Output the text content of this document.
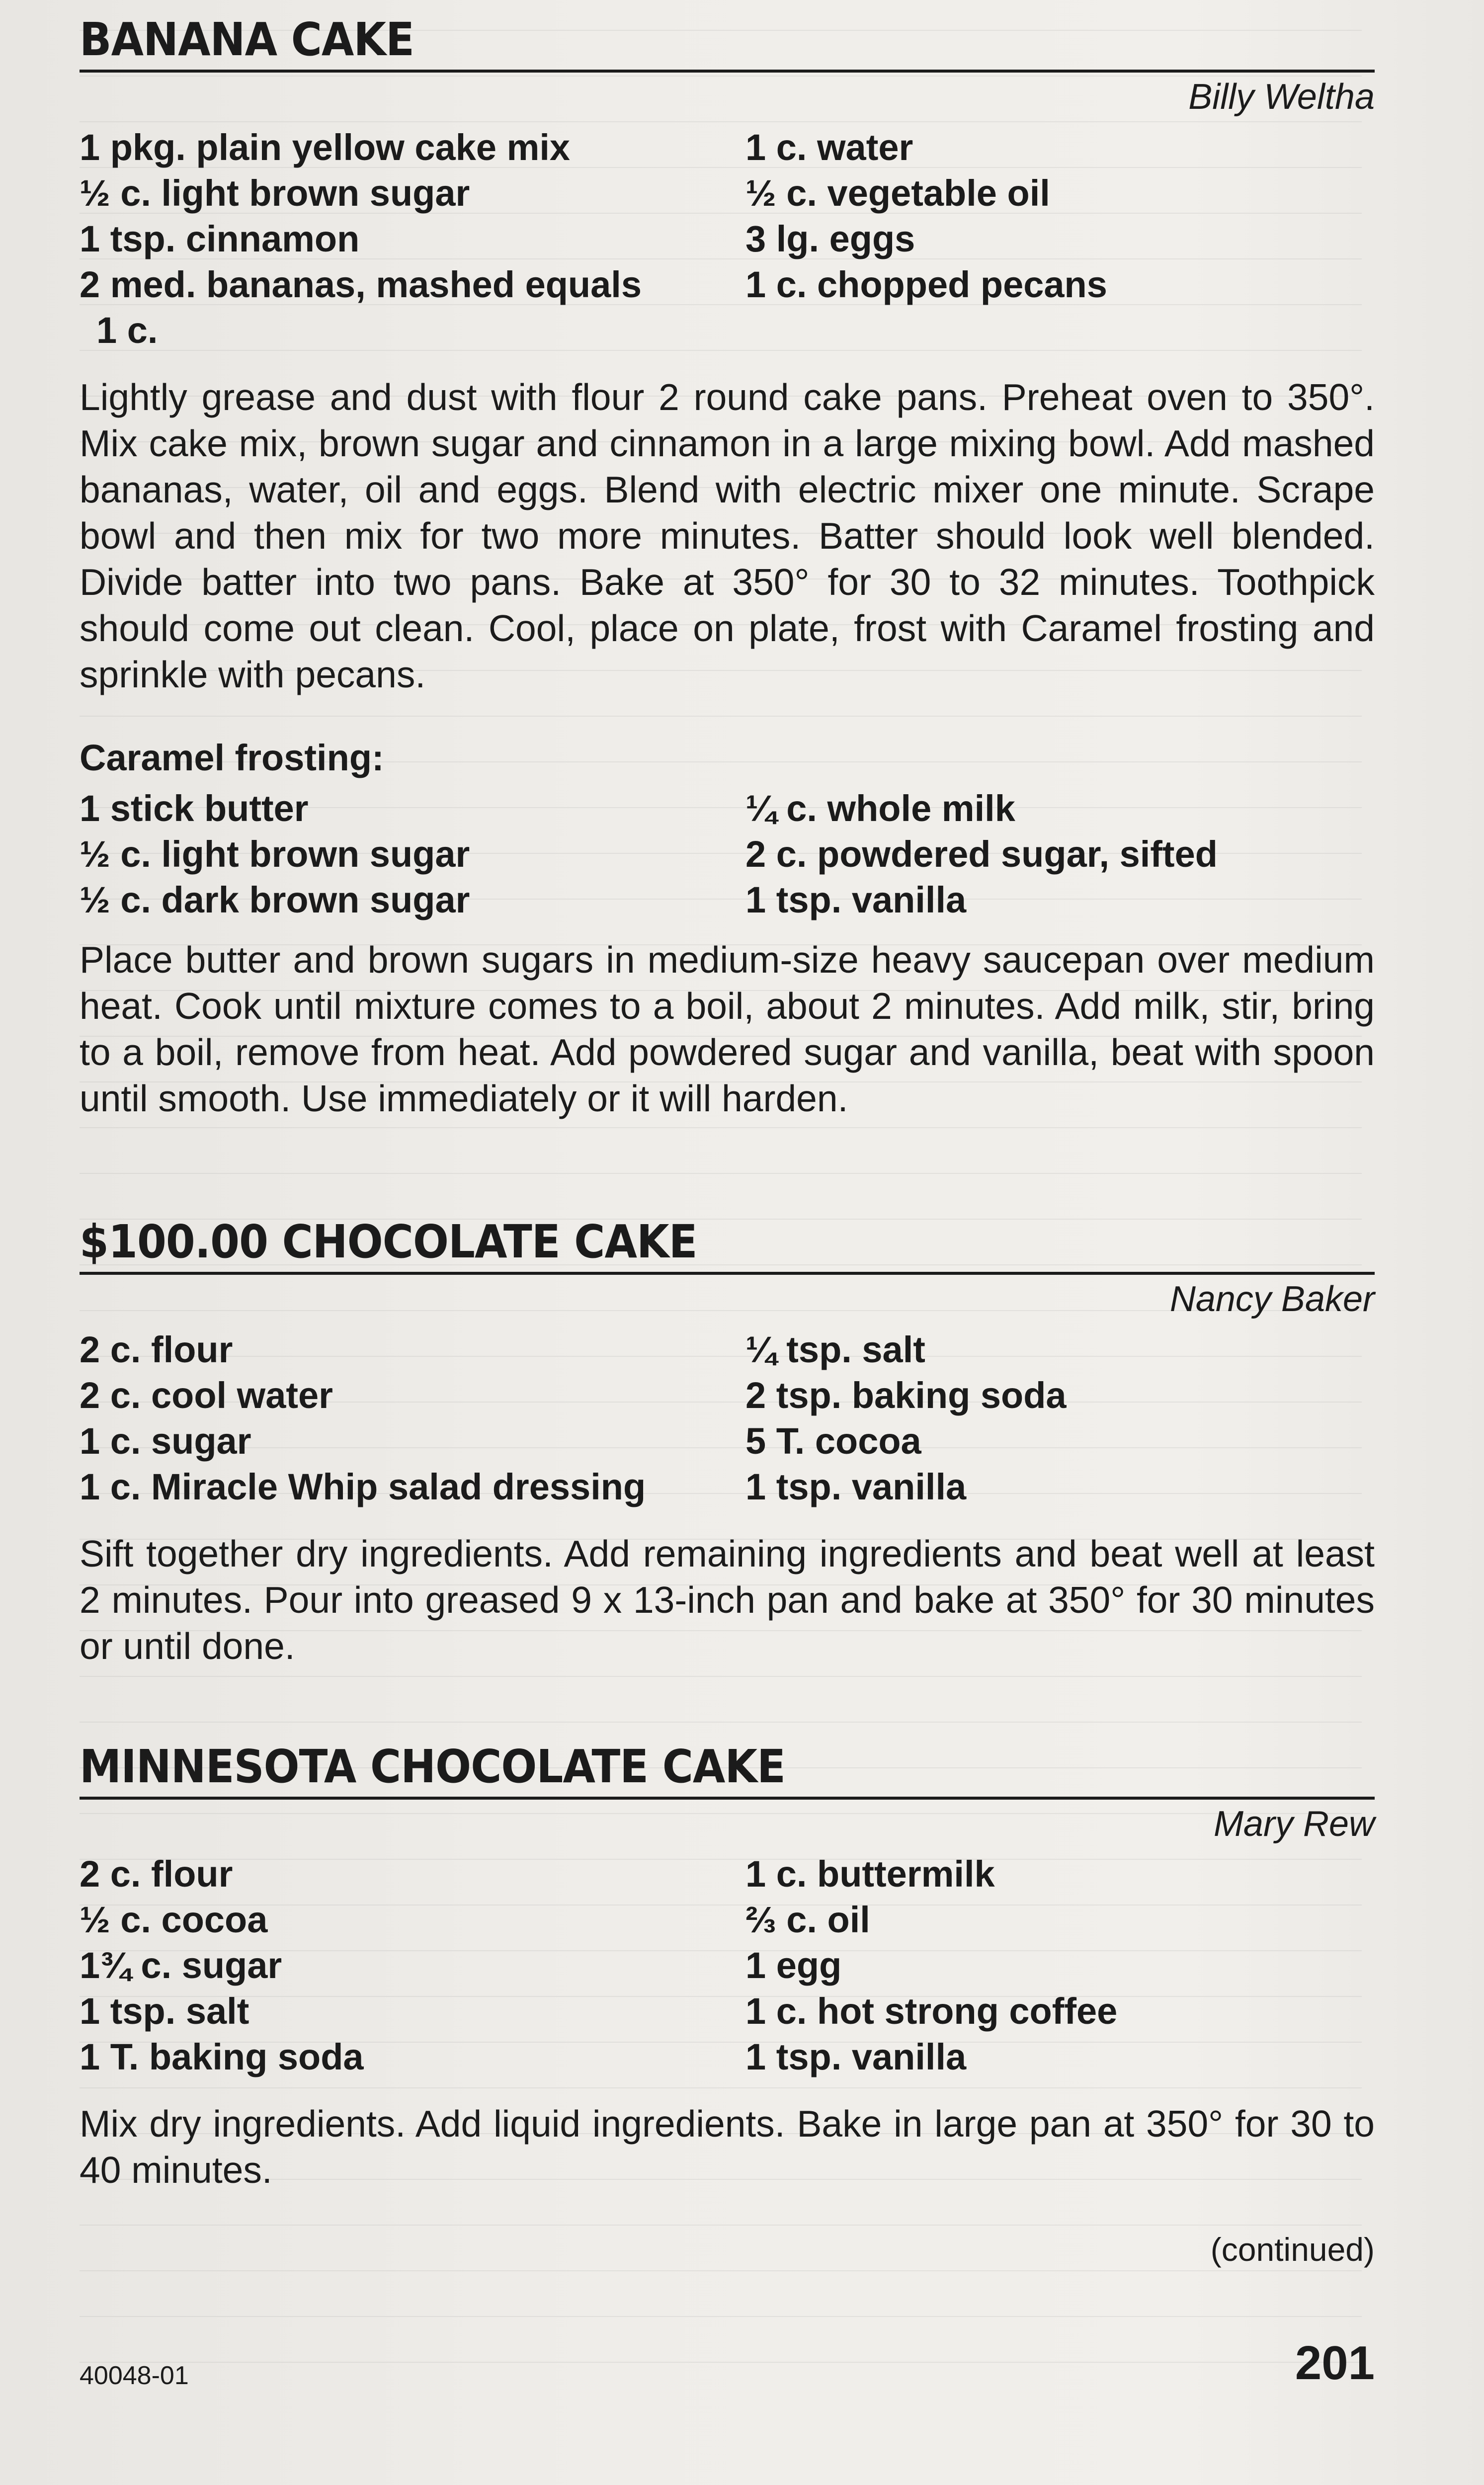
BANANA CAKE
Billy Weltha
1 pkg. plain yellow cake mix
½ c. light brown sugar
1 tsp. cinnamon
2 med. bananas, mashed equals
1 c.
1 c. water
½ c. vegetable oil
3 lg. eggs
1 c. chopped pecans

Lightly grease and dust with flour 2 round cake pans. Preheat oven to 350°. Mix cake mix, brown sugar and cinnamon in a large mixing bowl. Add mashed bananas, water, oil and eggs. Blend with electric mixer one minute. Scrape bowl and then mix for two more minutes. Batter should look well blended. Divide batter into two pans. Bake at 350° for 30 to 32 minutes. Toothpick should come out clean. Cool, place on plate, frost with Caramel frosting and sprinkle with pecans.

Caramel frosting:
1 stick butter
½ c. light brown sugar
½ c. dark brown sugar
¼ c. whole milk
2 c. powdered sugar, sifted
1 tsp. vanilla

Place butter and brown sugars in medium-size heavy saucepan over medium heat. Cook until mixture comes to a boil, about 2 minutes. Add milk, stir, bring to a boil, remove from heat. Add powdered sugar and vanilla, beat with spoon until smooth. Use immediately or it will harden.

$100.00 CHOCOLATE CAKE
Nancy Baker
2 c. flour
2 c. cool water
1 c. sugar
1 c. Miracle Whip salad dressing
¼ tsp. salt
2 tsp. baking soda
5 T. cocoa
1 tsp. vanilla

Sift together dry ingredients. Add remaining ingredients and beat well at least 2 minutes. Pour into greased 9 x 13-inch pan and bake at 350° for 30 minutes or until done.

MINNESOTA CHOCOLATE CAKE
Mary Rew
2 c. flour
½ c. cocoa
1¾ c. sugar
1 tsp. salt
1 T. baking soda
1 c. buttermilk
⅔ c. oil
1 egg
1 c. hot strong coffee
1 tsp. vanilla

Mix dry ingredients. Add liquid ingredients. Bake in large pan at 350° for 30 to 40 minutes.

(continued)
40048-01	201
